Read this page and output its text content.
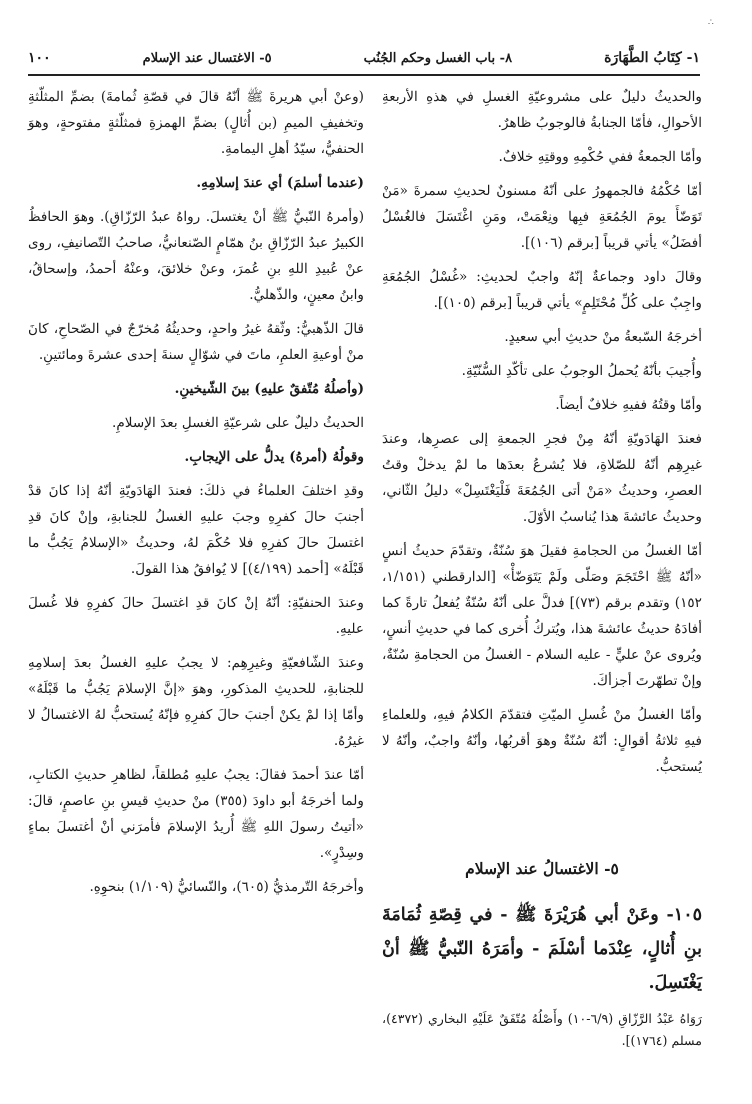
∴
١- كِتَابُ الطَّهَارَة
٨- باب الغسل وحكم الجُنُب
٥- الاغتسال عند الإسلام
١٠٠

والحديثُ دليلٌ على مشروعيّةِ الغسلِ في هذهِ الأربعةِ الأحوالِ، فأمّا الجنابةُ فالوجوبُ ظاهرٌ.

وأمّا الجمعةُ ففي حُكْمِهِ ووقتِهِ خلافٌ.

أمّا حُكْمُهُ فالجمهورُ على أنّهُ مسنونٌ لحديثِ سمرةَ «مَنْ تَوَضّأَ يومَ الجُمُعَةِ فبِها ونِعْمَتْ، ومَنِ اغْتَسَلَ فالغُسْلُ أفضَلُ» يأتي قريباً [برقم (١٠٦)].

وقالَ داود وجماعةٌ إنّهُ واجبٌ لحديثِ: «غُسْلُ الجُمُعَةِ واجِبٌ على كُلِّ مُحْتَلِمٍ» يأتي قريباً [برقم (١٠٥)].

أخرجَهُ السّبعةُ منْ حديثِ أبي سعيدٍ.

وأُجيبَ بأنّهُ يُحملُ الوجوبُ على تأكّدِ السُّنّيّةِ.

وأمّا وقتُهُ ففيهِ خلافٌ أيضاً.

فعندَ الهَادَويّةِ أنّهُ مِنْ فجرِ الجمعةِ إلى عصرِها، وعندَ غيرِهِم أنّهُ للصّلاةِ، فلا يُشرعُ بعدَها ما لمْ يدخلْ وقتُ العصرِ، وحديثُ «مَنْ أتى الجُمُعَةَ فَلْيَغْتَسِلْ» دليلُ الثّاني، وحديثُ عائشةَ هذا يُناسبُ الأوّلَ.

أمّا الغسلُ من الحجامةِ فقيلَ هوَ سُنّةٌ، وتقدّمَ حديثُ أنسٍ «أنّهُ ﷺ احْتَجَمَ وصَلّى ولَمْ يَتَوَضّأْ» [الدارقطني (١/١٥١، ١٥٢) وتقدم برقم (٧٣)] فدلَّ على أنّهُ سُنّةٌ يُفعلُ تارةً كما أفادَهُ حديثُ عائشةَ هذا، ويُتركُ أُخرى كما في حديثِ أنسٍ، ويُروى عنْ عليٍّ - عليه السلام - الغسلُ من الحجامةِ سُنّةٌ، وإنْ تطهّرتَ أجزأكَ.

وأمّا الغسلُ منْ غُسلِ الميّتِ فتقدّمَ الكلامُ فيهِ، وللعلماءِ فيهِ ثلاثةُ أقوالٍ: أنّهُ سُنّةٌ وهوَ أقربُها، وأنّهُ واجبٌ، وأنّهُ لا يُستحبُّ.

٥- الاغتسالُ عند الإسلام

١٠٥- وعَنْ أبي هُرَيْرَةَ ﷺ - في قِصّةِ ثُمَامَةَ بنِ أُثالٍ، عِنْدَما أسْلَمَ - وأمَرَهُ النّبيُّ ﷺ أنْ يَغْتَسِلَ.

رَوَاهُ عَبْدُ الرَّزّاقِ (٦/٩-١٠) وأَصْلُهُ مُتّفَقٌ عَلَيْهِ البخاري (٤٣٧٢)، مسلم (١٧٦٤)].

(وعنْ أبي هريرةَ ﷺ أنّهُ قالَ في قصّةِ ثُمامةَ) بضمِّ المثلّثةِ وتخفيفِ الميمِ (بن أُثالٍ) بضمِّ الهمزةِ فمثلّثةٍ مفتوحةٍ، وهوَ الحنفيُّ، سيّدُ أهلِ اليمامةِ.

(عندما أسلمَ) أي عندَ إسلامِهِ.

(وأمرهُ النّبيُّ ﷺ أنْ يغتسلَ. رواهُ عبدُ الرّزّاقِ). وهوَ الحافظُ الكبيرُ عبدُ الرّزّاقِ بنُ همّامٍ الصّنعانيُّ، صاحبُ التّصانيفِ، روى عنْ عُبيدِ اللهِ بنِ عُمرَ، وعنْ خلائقَ، وعنْهُ أحمدُ، وإسحاقُ، وابنُ معينٍ، والذّهليُّ.

قالَ الذّهبيُّ: وثّقهُ غيرُ واحدٍ، وحديثُهُ مُخرّجٌ في الصّحاحِ، كانَ منْ أوعيةِ العلمِ، ماتَ في شوّالٍ سنةَ إحدى عشرةَ ومائتينِ.

(وأصلُهُ مُتّفقٌ عليهِ) بينَ الشّيخينِ.

الحديثُ دليلٌ على شرعيّةِ الغسلِ بعدَ الإسلامِ.

وقولُهُ (أمرهُ) يدلُّ على الإيجابِ.

وقدِ اختلفَ العلماءُ في ذلكَ: فعندَ الهَادَويّةِ أنّهُ إذا كانَ قدْ أجنبَ حالَ كفرِهِ وجبَ عليهِ الغسلُ للجنابةِ، وإنْ كانَ قدِ اغتسلَ حالَ كفرِهِ فلا حُكْمَ لهُ، وحديثُ «الإسلامُ يَجُبُّ ما قَبْلَهُ» [أحمد (٤/١٩٩)] لا يُوافقُ هذا القولَ.

وعندَ الحنفيّةِ: أنّهُ إنْ كانَ قدِ اغتسلَ حالَ كفرِهِ فلا غُسلَ عليهِ.

وعندَ الشّافعيّةِ وغيرِهِم: لا يجبُ عليهِ الغسلُ بعدَ إسلامِهِ للجنابةِ، للحديثِ المذكورِ، وهوَ «إنَّ الإسلامَ يَجُبُّ ما قَبْلَهُ» وأمّا إذا لمْ يكنْ أجنبَ حالَ كفرِهِ فإنّهُ يُستحبُّ لهُ الاغتسالُ لا غيرُهُ.

أمّا عندَ أحمدَ فقالَ: يجبُ عليهِ مُطلقاً، لظاهرِ حديثِ الكتابِ، ولما أخرجَهُ أبو داودَ (٣٥٥) منْ حديثِ قيسِ بنِ عاصمٍ، قالَ: «أتيتُ رسولَ اللهِ ﷺ أُريدُ الإسلامَ فأمرَني أنْ أغتسلَ بماءٍ وسِدْرٍ».

وأخرجَهُ التّرمذيُّ (٦٠٥)، والنّسائيُّ (١/١٠٩) بنحوِهِ.
